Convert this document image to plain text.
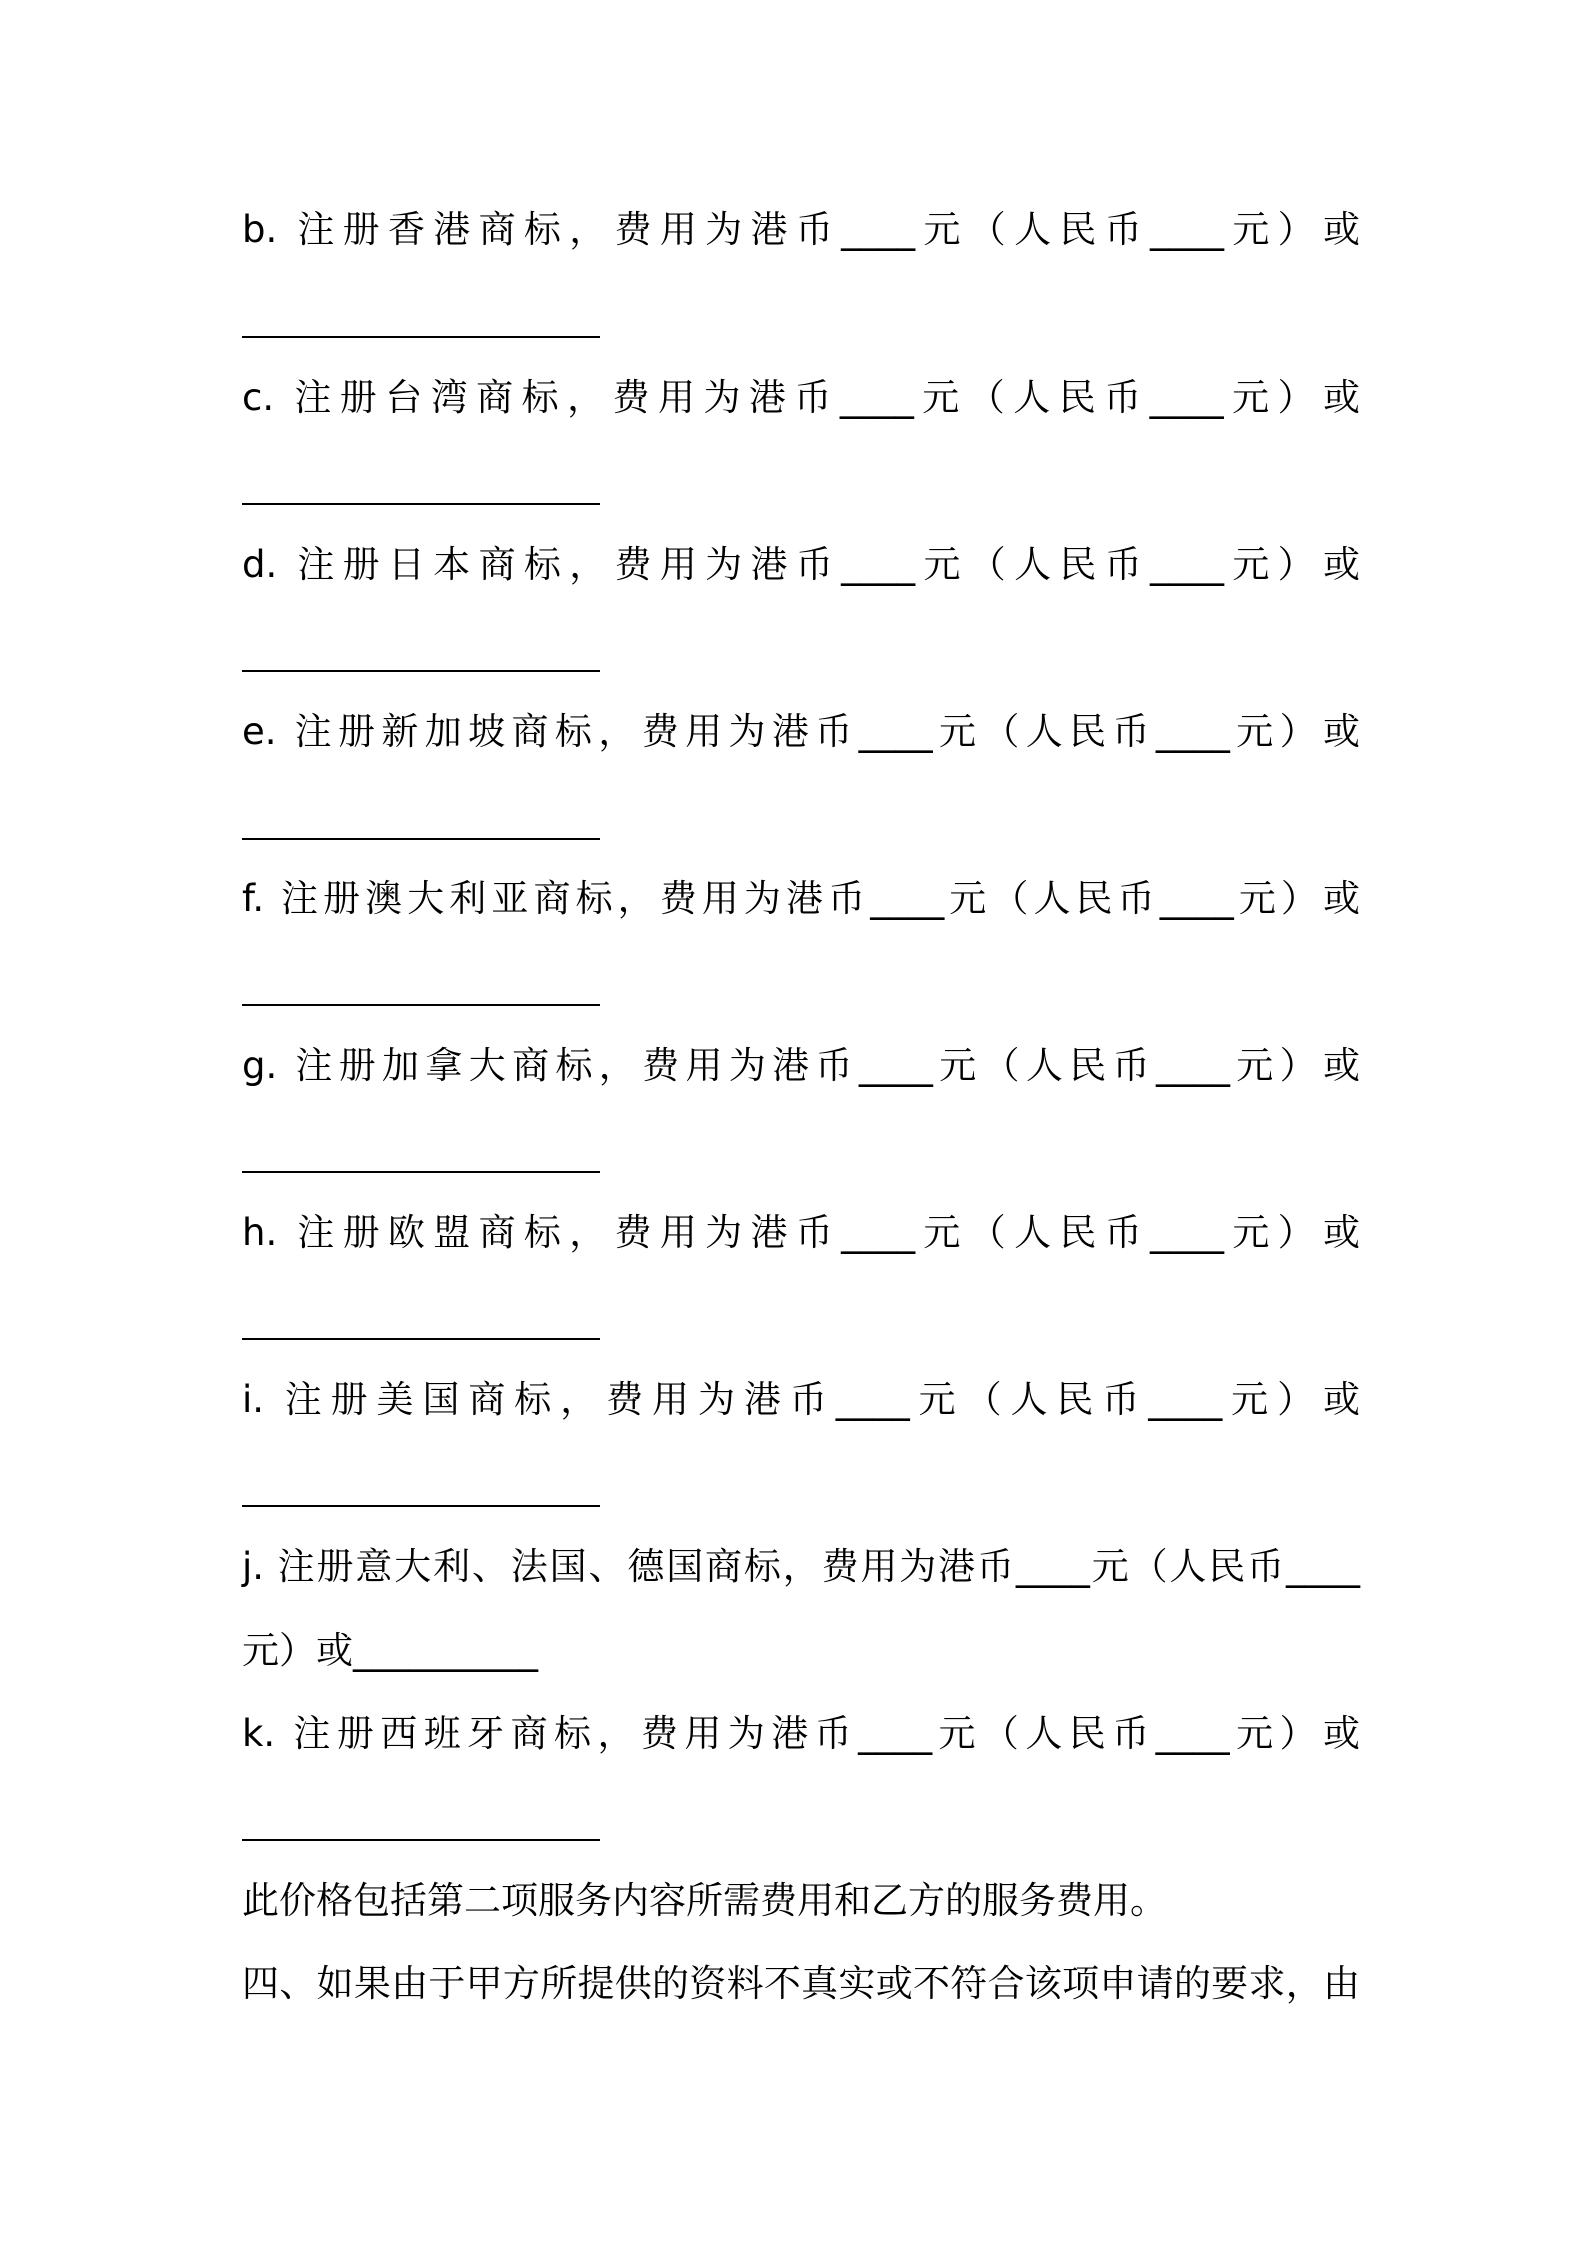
b. 注册香港商标，费用为港币____元（人民币____元）或
c. 注册台湾商标，费用为港币____元（人民币____元）或
d. 注册日本商标，费用为港币____元（人民币____元）或
e. 注册新加坡商标，费用为港币____元（人民币____元）或
f. 注册澳大利亚商标，费用为港币____元（人民币____元）或
g. 注册加拿大商标，费用为港币____元（人民币____元）或
h. 注册欧盟商标，费用为港币____元（人民币____元）或
i. 注册美国商标，费用为港币____元（人民币____元）或
j. 注册意大利、法国、德国商标，费用为港币____元（人民币____
元）或__________
k. 注册西班牙商标，费用为港币____元（人民币____元）或
此价格包括第二项服务内容所需费用和乙方的服务费用。
四、如果由于甲方所提供的资料不真实或不符合该项申请的要求，由
